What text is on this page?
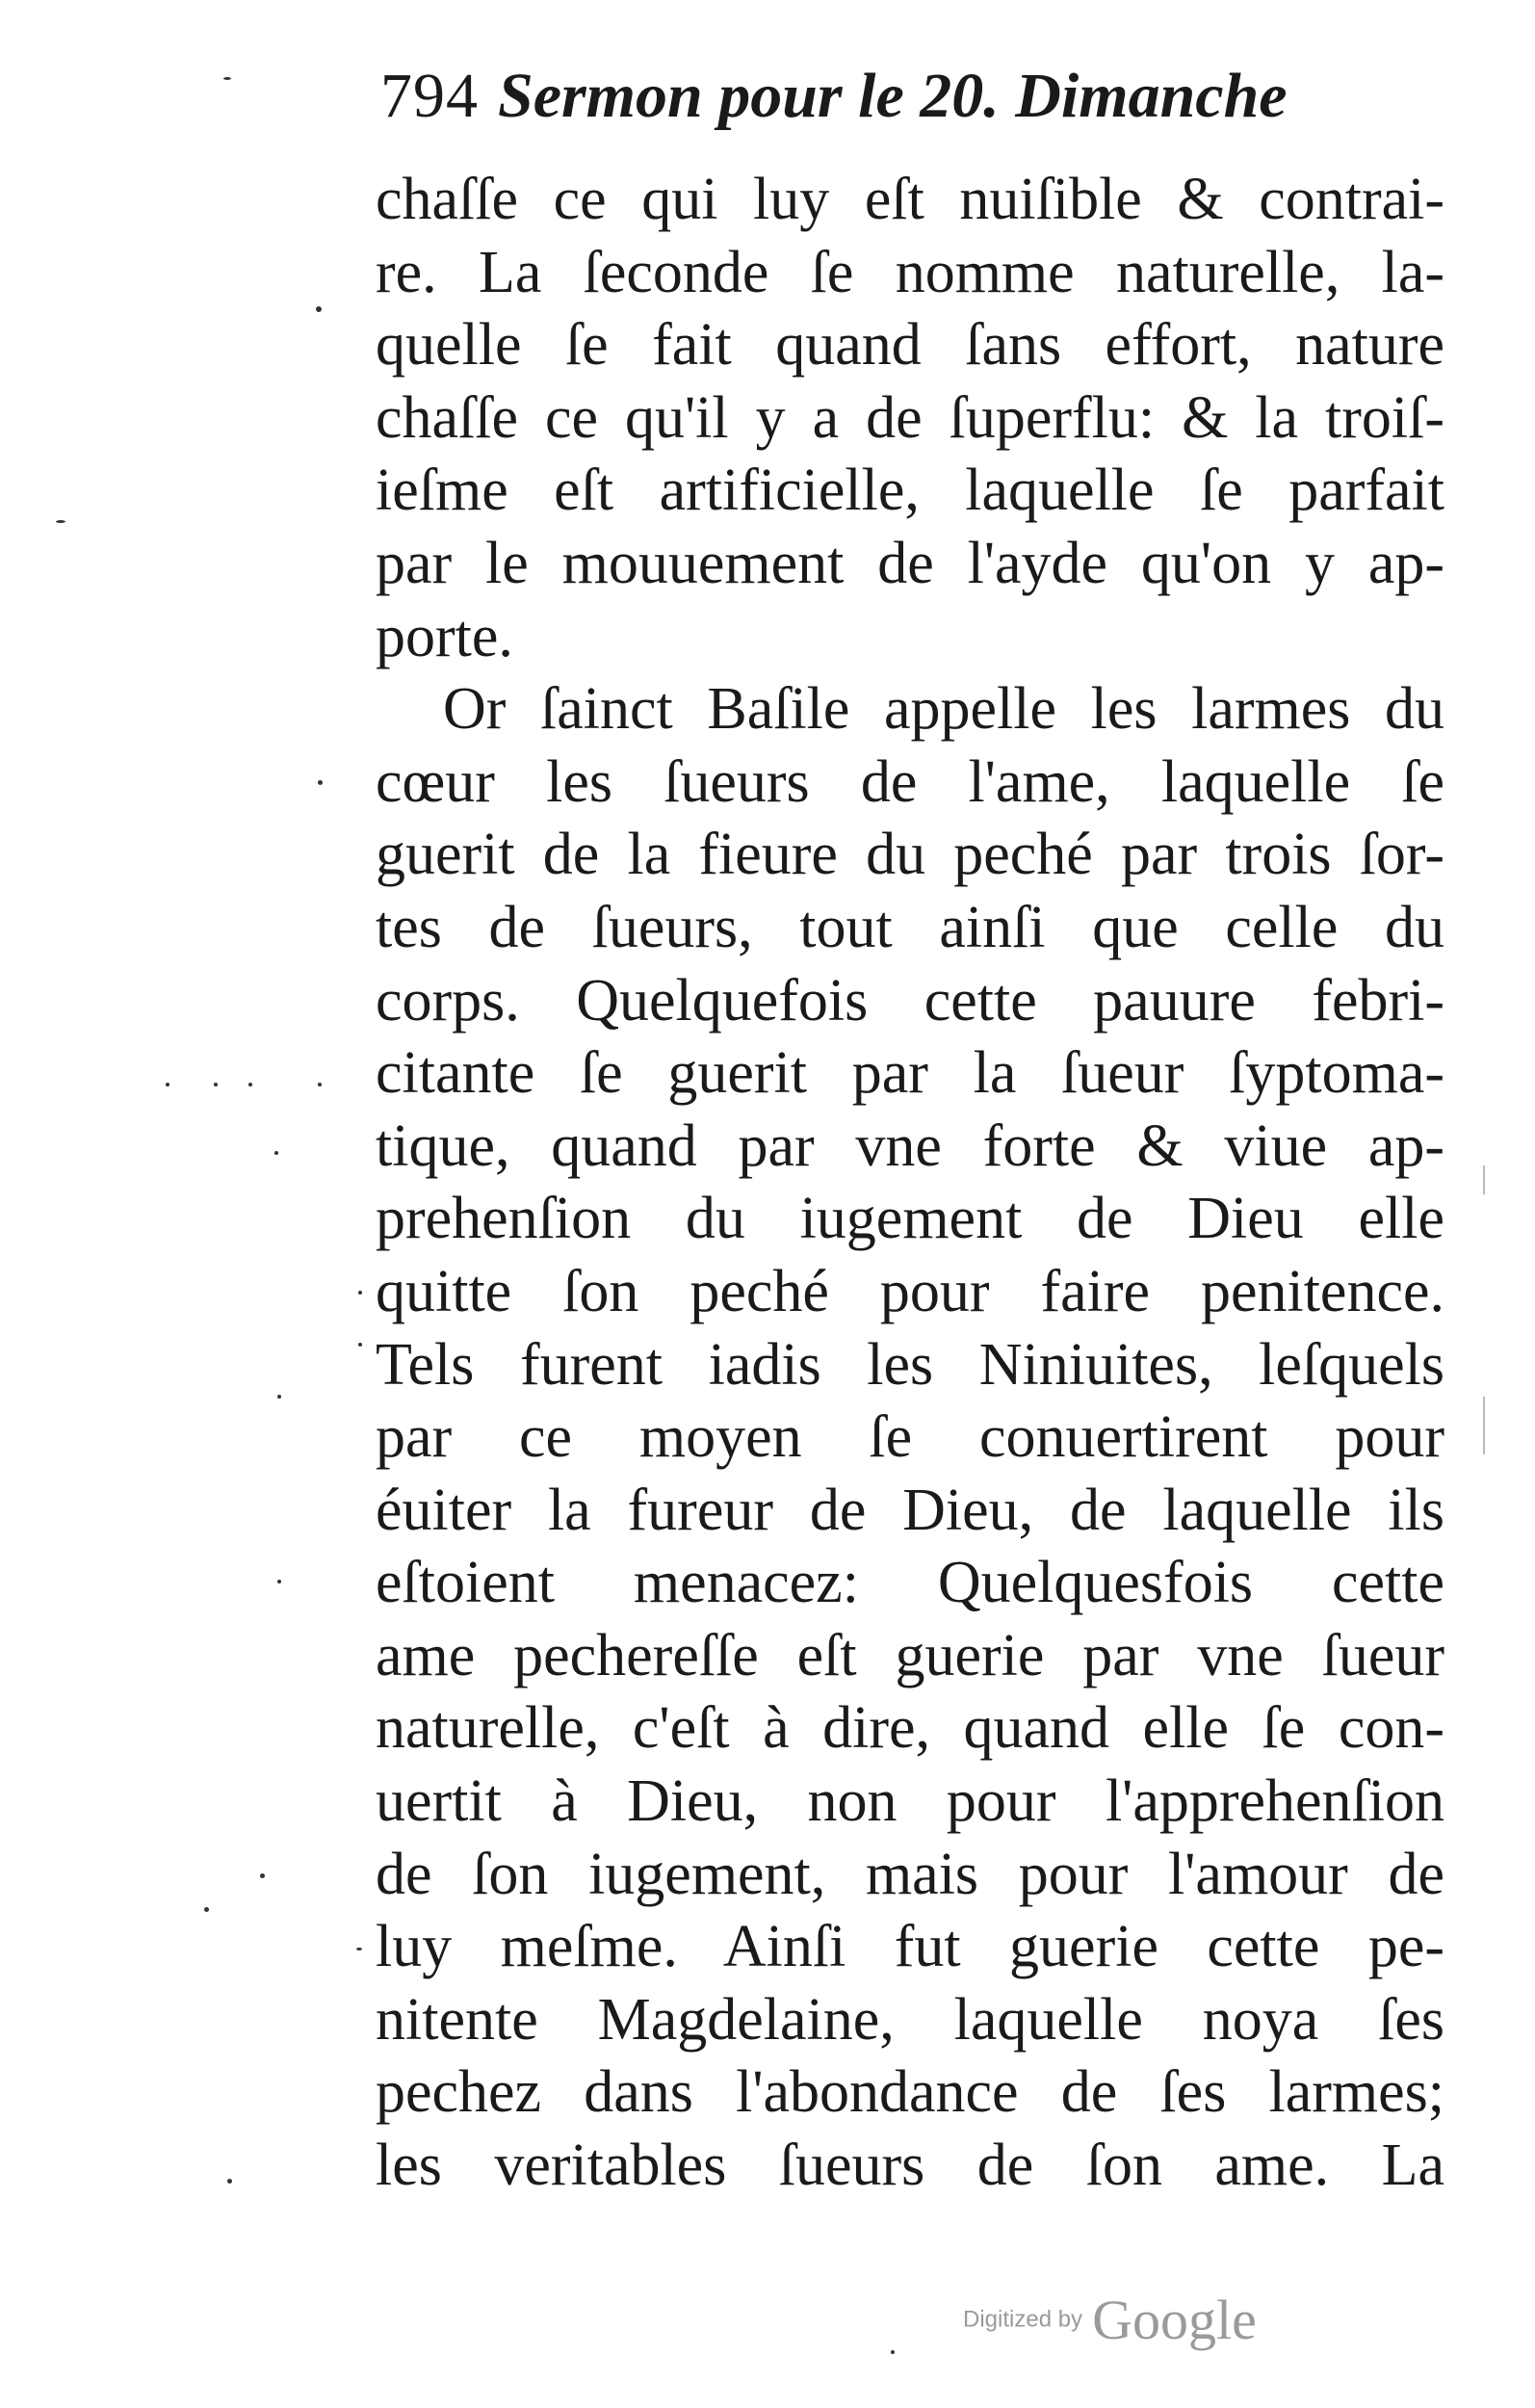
794 Sermon pour le 20. Dimanche
chaſſe ce qui luy eſt nuiſible & contrai-
re. La ſeconde ſe nomme naturelle, la-
quelle ſe fait quand ſans effort, nature
chaſſe ce qu'il y a de ſuperflu: & la troiſ-
ieſme eſt artificielle, laquelle ſe parfait
par le mouuement de l'ayde qu'on y ap-
porte.
Or ſainct Baſile appelle les larmes du
cœur les ſueurs de l'ame, laquelle ſe
guerit de la fieure du peché par trois ſor-
tes de ſueurs, tout ainſi que celle du
corps. Quelquefois cette pauure febri-
citante ſe guerit par la ſueur ſyptoma-
tique, quand par vne forte & viue ap-
prehenſion du iugement de Dieu elle
quitte ſon peché pour faire penitence.
Tels furent iadis les Niniuites, leſquels
par ce moyen ſe conuertirent pour
éuiter la fureur de Dieu, de laquelle ils
eſtoient menacez: Quelquesfois cette
ame pechereſſe eſt guerie par vne ſueur
naturelle, c'eſt à dire, quand elle ſe con-
uertit à Dieu, non pour l'apprehenſion
de ſon iugement, mais pour l'amour de
luy meſme. Ainſi fut guerie cette pe-
nitente Magdelaine, laquelle noya ſes
pechez dans l'abondance de ſes larmes;
les veritables ſueurs de ſon ame. La
Digitized by Google
